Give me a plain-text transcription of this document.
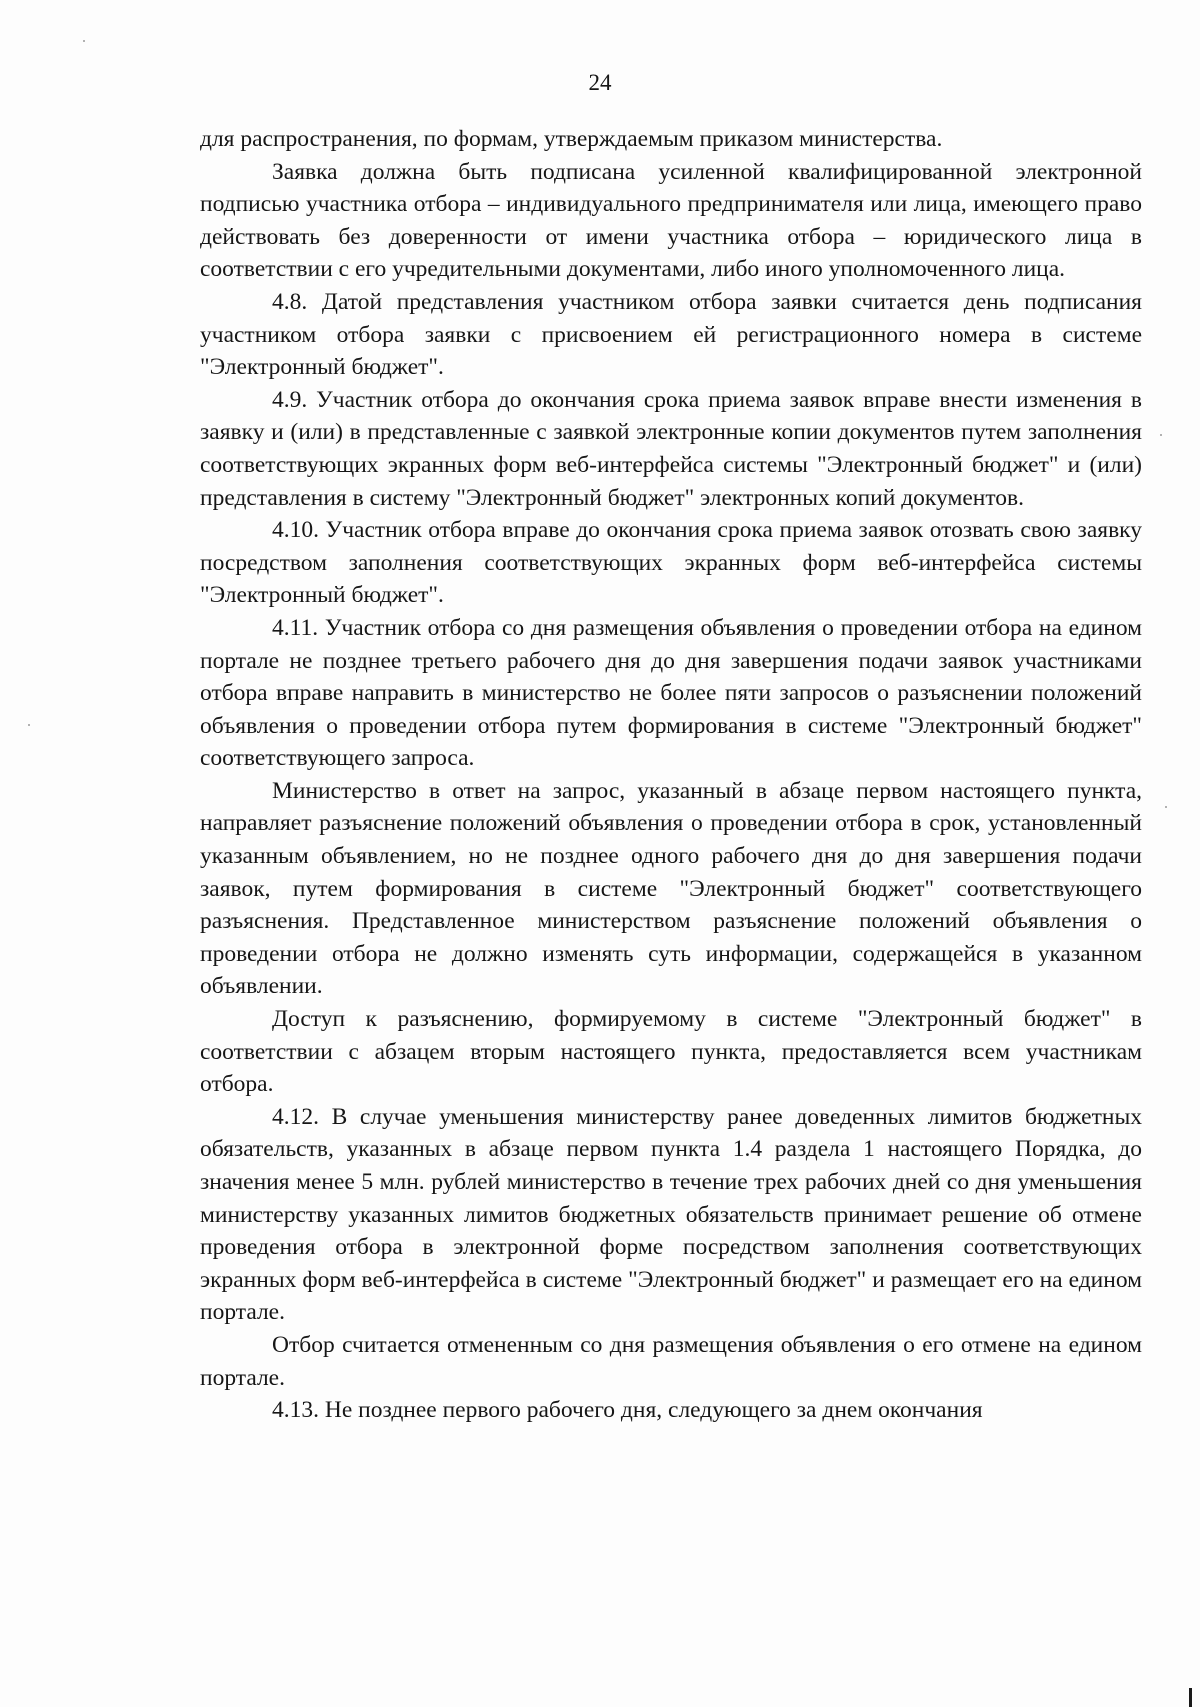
24

для распространения, по формам, утверждаемым приказом министерства.

Заявка должна быть подписана усиленной квалифицированной электронной подписью участника отбора – индивидуального предпринимателя или лица, имеющего право действовать без доверенности от имени участника отбора – юридического лица в соответствии с его учредительными документами, либо иного уполномоченного лица.

4.8. Датой представления участником отбора заявки считается день подписания участником отбора заявки с присвоением ей регистрационного номера в системе "Электронный бюджет".

4.9. Участник отбора до окончания срока приема заявок вправе внести изменения в заявку и (или) в представленные с заявкой электронные копии документов путем заполнения соответствующих экранных форм веб-интерфейса системы "Электронный бюджет" и (или) представления в систему "Электронный бюджет" электронных копий документов.

4.10. Участник отбора вправе до окончания срока приема заявок отозвать свою заявку посредством заполнения соответствующих экранных форм веб-интерфейса системы "Электронный бюджет".

4.11. Участник отбора со дня размещения объявления о проведении отбора на едином портале не позднее третьего рабочего дня до дня завершения подачи заявок участниками отбора вправе направить в министерство не более пяти запросов о разъяснении положений объявления о проведении отбора путем формирования в системе "Электронный бюджет" соответствующего запроса.

Министерство в ответ на запрос, указанный в абзаце первом настоящего пункта, направляет разъяснение положений объявления о проведении отбора в срок, установленный указанным объявлением, но не позднее одного рабочего дня до дня завершения подачи заявок, путем формирования в системе "Электронный бюджет" соответствующего разъяснения. Представленное министерством разъяснение положений объявления о проведении отбора не должно изменять суть информации, содержащейся в указанном объявлении.

Доступ к разъяснению, формируемому в системе "Электронный бюджет" в соответствии с абзацем вторым настоящего пункта, предоставляется всем участникам отбора.

4.12. В случае уменьшения министерству ранее доведенных лимитов бюджетных обязательств, указанных в абзаце первом пункта 1.4 раздела 1 настоящего Порядка, до значения менее 5 млн. рублей министерство в течение трех рабочих дней со дня уменьшения министерству указанных лимитов бюджетных обязательств принимает решение об отмене проведения отбора в электронной форме посредством заполнения соответствующих экранных форм веб-интерфейса в системе "Электронный бюджет" и размещает его на едином портале.

Отбор считается отмененным со дня размещения объявления о его отмене на едином портале.

4.13. Не позднее первого рабочего дня, следующего за днем окончания
